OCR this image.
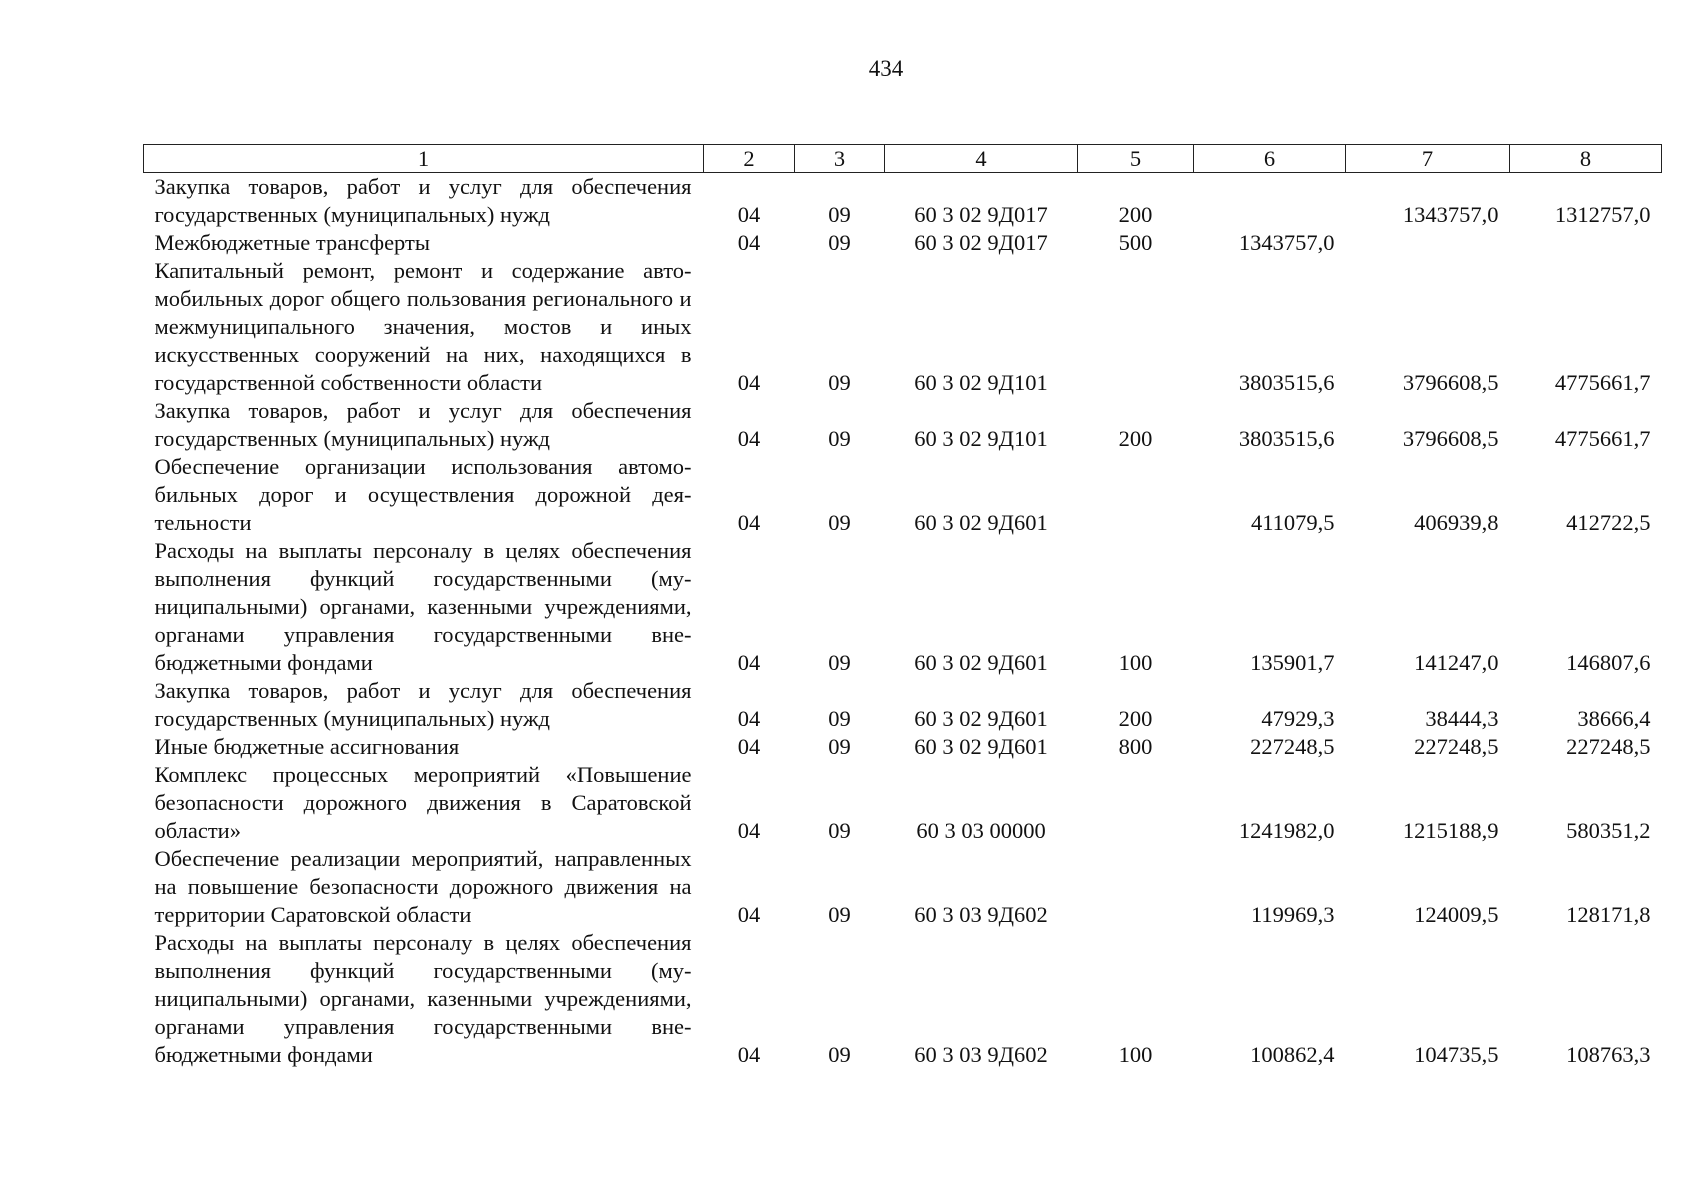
434
1	2	3	4	5	6	7	8
Закупка товаров, работ и услуг для обеспечения государственных (муниципальных) нужд	04	09	60 3 02 9Д017	200		1343757,0	1312757,0
Межбюджетные трансферты	04	09	60 3 02 9Д017	500	1343757,0		
Капитальный ремонт, ремонт и содержание автомобильных дорог общего пользования регионального и межмуниципального значения, мостов и иных искусственных сооружений на них, находящихся в государственной собственности области	04	09	60 3 02 9Д101		3803515,6	3796608,5	4775661,7
Закупка товаров, работ и услуг для обеспечения государственных (муниципальных) нужд	04	09	60 3 02 9Д101	200	3803515,6	3796608,5	4775661,7
Обеспечение организации использования автомобильных дорог и осуществления дорожной деятельности	04	09	60 3 02 9Д601		411079,5	406939,8	412722,5
Расходы на выплаты персоналу в целях обеспечения выполнения функций государственными (муниципальными) органами, казенными учреждениями, органами управления государственными внебюджетными фондами	04	09	60 3 02 9Д601	100	135901,7	141247,0	146807,6
Закупка товаров, работ и услуг для обеспечения государственных (муниципальных) нужд	04	09	60 3 02 9Д601	200	47929,3	38444,3	38666,4
Иные бюджетные ассигнования	04	09	60 3 02 9Д601	800	227248,5	227248,5	227248,5
Комплекс процессных мероприятий «Повышение безопасности дорожного движения в Саратовской области»	04	09	60 3 03 00000		1241982,0	1215188,9	580351,2
Обеспечение реализации мероприятий, направленных на повышение безопасности дорожного движения на территории Саратовской области	04	09	60 3 03 9Д602		119969,3	124009,5	128171,8
Расходы на выплаты персоналу в целях обеспечения выполнения функций государственными (муниципальными) органами, казенными учреждениями, органами управления государственными внебюджетными фондами	04	09	60 3 03 9Д602	100	100862,4	104735,5	108763,3
